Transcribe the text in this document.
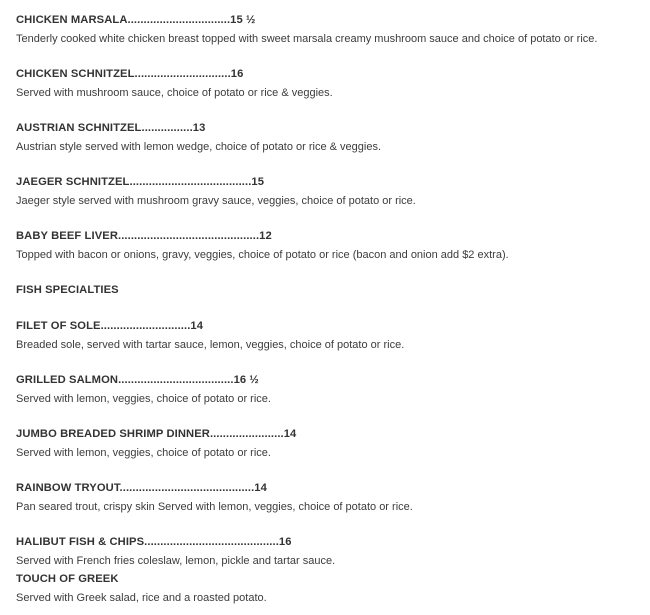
CHICKEN MARSALA................................15 ½

Tenderly cooked white chicken breast topped with sweet marsala creamy mushroom sauce and choice of potato or rice.

CHICKEN SCHNITZEL..............................16

Served with mushroom sauce, choice of potato or rice & veggies.

AUSTRIAN SCHNITZEL................13

Austrian style served with lemon wedge, choice of potato or rice & veggies.

JAEGER SCHNITZEL......................................15

Jaeger style served with mushroom gravy sauce, veggies, choice of potato or rice.

BABY BEEF LIVER............................................12

Topped with bacon or onions, gravy, veggies, choice of potato or rice (bacon and onion add $2 extra).

FISH SPECIALTIES

FILET OF SOLE............................14

Breaded sole, served with tartar sauce, lemon, veggies, choice of potato or rice.

GRILLED SALMON....................................16 ½

Served with lemon, veggies, choice of potato or rice.

JUMBO BREADED SHRIMP DINNER.......................14

Served with lemon, veggies, choice of potato or rice.

RAINBOW TRYOUT..........................................14

Pan seared trout, crispy skin Served with lemon, veggies, choice of potato or rice.

HALIBUT FISH & CHIPS..........................................16

Served with French fries coleslaw, lemon, pickle and tartar sauce.

TOUCH OF GREEK

Served with Greek salad, rice and a roasted potato.
